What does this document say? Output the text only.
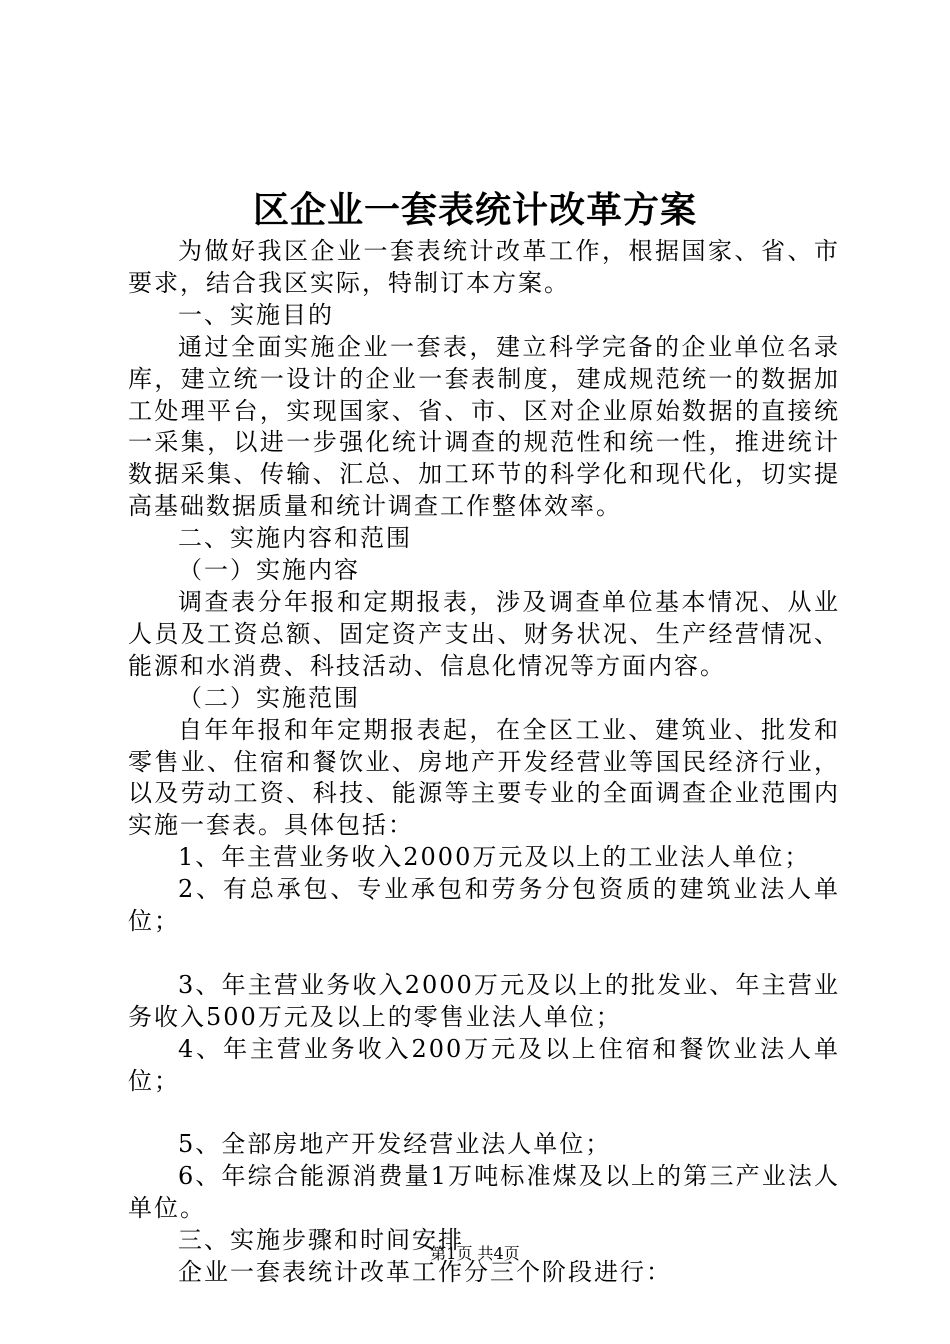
区企业一套表统计改革方案

为做好我区企业一套表统计改革工作，根据国家、省、市要求，结合我区实际，特制订本方案。

一、实施目的

通过全面实施企业一套表，建立科学完备的企业单位名录库，建立统一设计的企业一套表制度，建成规范统一的数据加工处理平台，实现国家、省、市、区对企业原始数据的直接统一采集，以进一步强化统计调查的规范性和统一性，推进统计数据采集、传输、汇总、加工环节的科学化和现代化，切实提高基础数据质量和统计调查工作整体效率。

二、实施内容和范围

（一）实施内容

调查表分年报和定期报表，涉及调查单位基本情况、从业人员及工资总额、固定资产支出、财务状况、生产经营情况、能源和水消费、科技活动、信息化情况等方面内容。

（二）实施范围

自年年报和年定期报表起，在全区工业、建筑业、批发和零售业、住宿和餐饮业、房地产开发经营业等国民经济行业，以及劳动工资、科技、能源等主要专业的全面调查企业范围内实施一套表。具体包括：

1、年主营业务收入2000万元及以上的工业法人单位；

2、有总承包、专业承包和劳务分包资质的建筑业法人单位；

3、年主营业务收入2000万元及以上的批发业、年主营业务收入500万元及以上的零售业法人单位；

4、年主营业务收入200万元及以上住宿和餐饮业法人单位；

5、全部房地产开发经营业法人单位；

6、年综合能源消费量1万吨标准煤及以上的第三产业法人单位。

三、实施步骤和时间安排

企业一套表统计改革工作分三个阶段进行：

第1页 共4页
